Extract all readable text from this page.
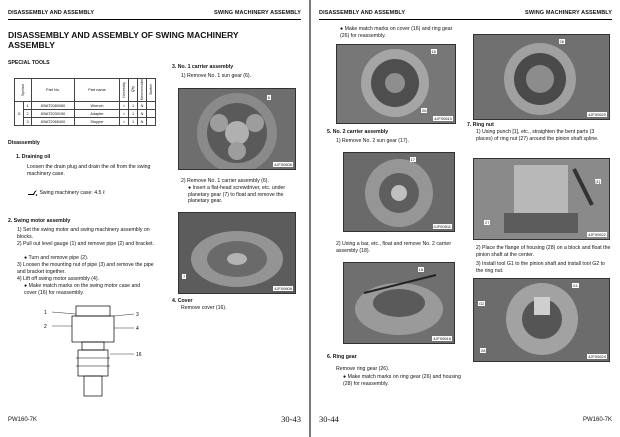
DISASSEMBLY AND ASSEMBLY	SWING MACHINERY ASSEMBLY
DISASSEMBLY AND ASSEMBLY OF SWING MACHINERY ASSEMBLY
SPECIAL TOOLS
Symbol		Part No.	Part name	Necessity	Q'ty	New/remodel	Sketch
G	1	KBAT2080080	Wrench	t	1	N	
	2	KBAT2030190	Adapter	t	1	N	
	3	KBAT2065400	Stopper	t	1	N	
Disassembly
1. Draining oil
Loosen the drain plug and drain the oil from the swing machinery case.
Swing machinery case: 4.5 ℓ
2. Swing motor assembly
1) Set the swing motor and swing machinery assembly on blocks.
2) Pull out level gauge (1) and remove pipe (2) and bracket.
● Turn and remove pipe (2).
3) Loosen the mounting nut of pipe (3) and remove the pipe and bracket together.
4) Lift off swing motor assembly (4).
● Make match marks on the swing motor case and cover (16) for reassembly.
1
2
3
4
16
3. No. 1 carrier assembly
1) Remove No. 1 sun gear (6).
4JF00606
6
2) Remove No. 1 carrier assembly (6).
● Insert a flat-head screwdriver, etc. under planetary gear (7) to float and remove the planetary gear.
4JF00608
7
4. Cover
Remove cover (16).
PW160-7K	30-43
DISASSEMBLY AND ASSEMBLY	SWING MACHINERY ASSEMBLY
● Make match marks on cover (16) and ring gear (26) for reassembly.
4JF00610
16
26
5. No. 2 carrier assembly
1) Remove No. 2 sun gear (17).
4JF00611
17
2) Using a bar, etc., float and remove No. 2 carrier assembly (18).
4JF00616
18
6. Ring gear
Remove ring gear (26).
● Make match marks on ring gear (26) and housing (28) for reassembly.
4JF00620
26
7. Ring nut
1) Using punch [1], etc., straighten the bent parts (3 places) of ring nut (27) around the pinion shaft spline.
4JF00622
[1]
27
2) Place the flange of housing (28) on a block and float the pinion shaft at the center.
3) Install tool G1 to the pinion shaft and install tool G2 to the ring nut.
4JF00624
G1
G2
28
30-44	PW160-7K
